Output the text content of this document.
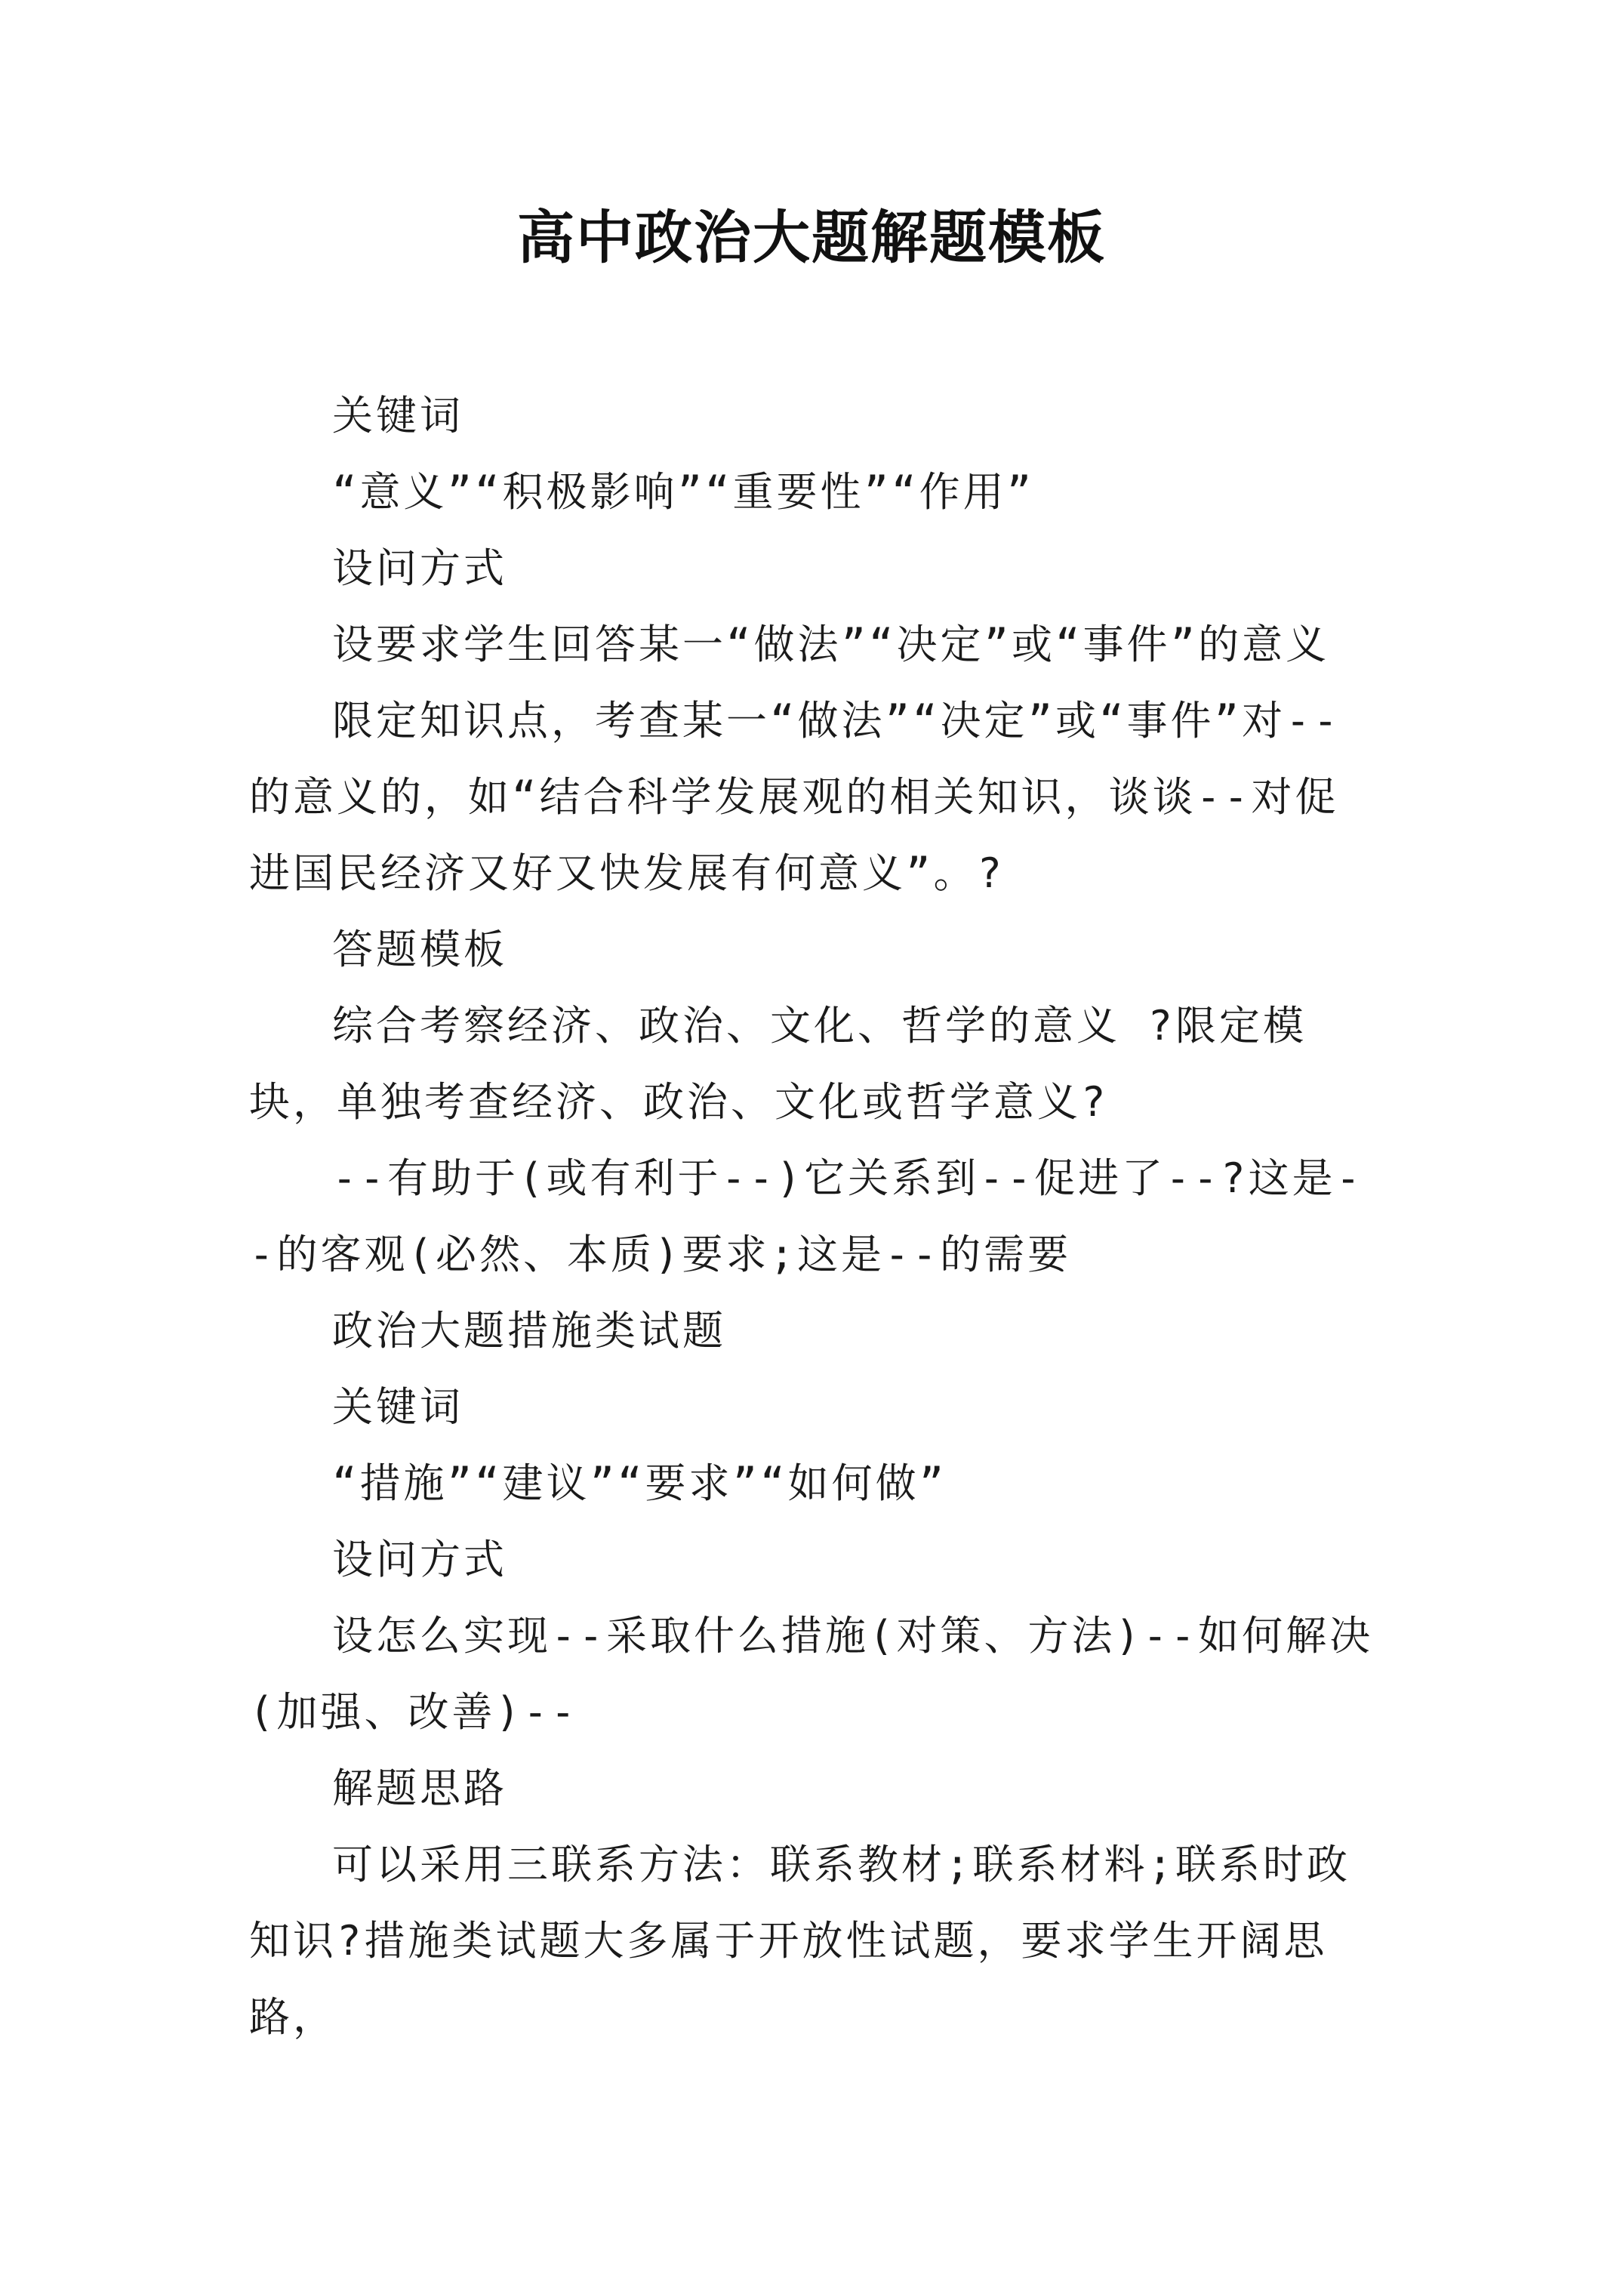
高中政治大题解题模板

关键词

“意义”“积极影响”“重要性”“作用”

设问方式

设要求学生回答某一“做法”“决定”或“事件”的意义

限定知识点，考查某一“做法”“决定”或“事件”对--的意义的，如“结合科学发展观的相关知识，谈谈--对促进国民经济又好又快发展有何意义”。?

答题模板

综合考察经济、政治、文化、哲学的意义 ?限定模块，单独考查经济、政治、文化或哲学意义?

--有助于(或有利于--)它关系到--促进了--?这是--的客观(必然、本质)要求;这是--的需要

政治大题措施类试题

关键词

“措施”“建议”“要求”“如何做”

设问方式

设怎么实现--采取什么措施(对策、方法)--如何解决(加强、改善)--

解题思路

可以采用三联系方法：联系教材;联系材料;联系时政知识?措施类试题大多属于开放性试题，要求学生开阔思路，
